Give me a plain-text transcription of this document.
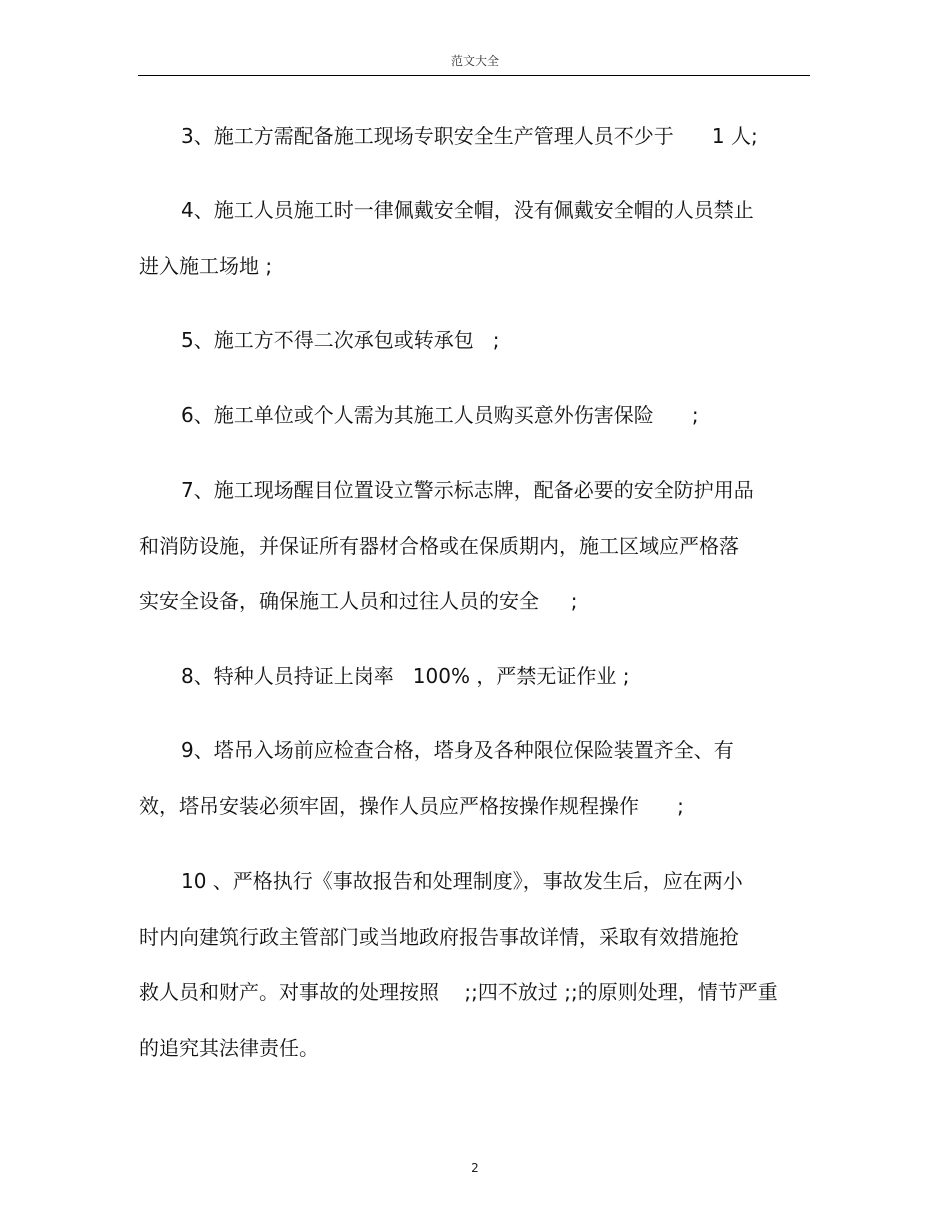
范文大全
3、施工方需配备施工现场专职安全生产管理人员不少于      1 人;
4、施工人员施工时一律佩戴安全帽，没有佩戴安全帽的人员禁止
进入施工场地 ;
5、施工方不得二次承包或转承包   ;
6、施工单位或个人需为其施工人员购买意外伤害保险      ;
7、施工现场醒目位置设立警示标志牌，配备必要的安全防护用品
和消防设施，并保证所有器材合格或在保质期内，施工区域应严格落
实安全设备，确保施工人员和过往人员的安全     ;
8、特种人员持证上岗率   100% ，严禁无证作业 ;
9、塔吊入场前应检查合格，塔身及各种限位保险装置齐全、有
效，塔吊安装必须牢固，操作人员应严格按操作规程操作      ;
10 、严格执行《事故报告和处理制度》，事故发生后，应在两小
时内向建筑行政主管部门或当地政府报告事故详情，采取有效措施抢
救人员和财产。对事故的处理按照    ;;四不放过 ;;的原则处理，情节严重
的追究其法律责任。
2
